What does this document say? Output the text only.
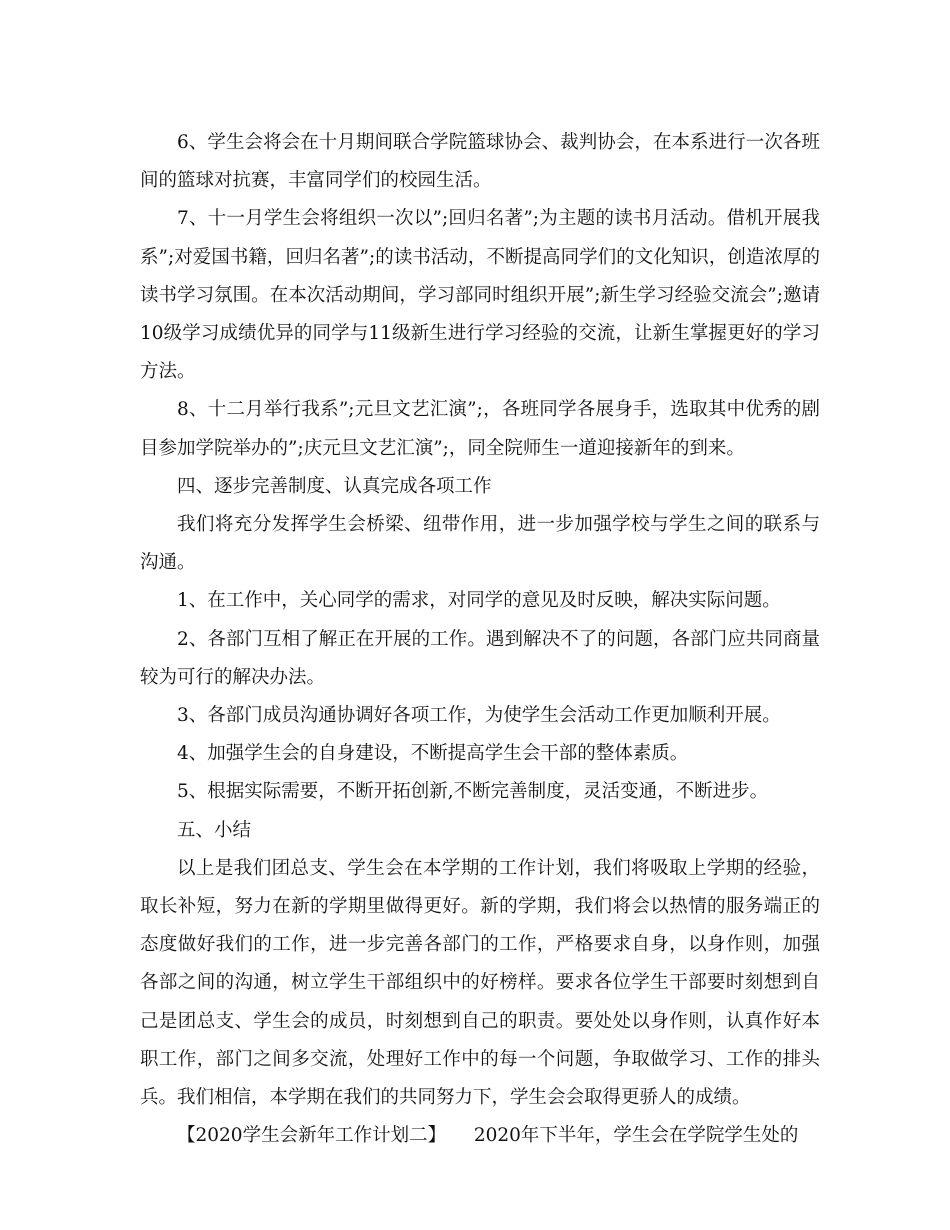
6、学生会将会在十月期间联合学院篮球协会、裁判协会，在本系进行一次各班间的篮球对抗赛，丰富同学们的校园生活。

7、十一月学生会将组织一次以”;回归名著”;为主题的读书月活动。借机开展我系”;对爱国书籍，回归名著”;的读书活动，不断提高同学们的文化知识，创造浓厚的读书学习氛围。在本次活动期间，学习部同时组织开展”;新生学习经验交流会”;邀请10级学习成绩优异的同学与11级新生进行学习经验的交流，让新生掌握更好的学习方法。

8、十二月举行我系”;元旦文艺汇演”;，各班同学各展身手，选取其中优秀的剧目参加学院举办的”;庆元旦文艺汇演”;，同全院师生一道迎接新年的到来。

四、逐步完善制度、认真完成各项工作

我们将充分发挥学生会桥梁、纽带作用，进一步加强学校与学生之间的联系与沟通。

1、在工作中，关心同学的需求，对同学的意见及时反映，解决实际问题。

2、各部门互相了解正在开展的工作。遇到解决不了的问题，各部门应共同商量较为可行的解决办法。

3、各部门成员沟通协调好各项工作，为使学生会活动工作更加顺利开展。

4、加强学生会的自身建设，不断提高学生会干部的整体素质。

5、根据实际需要，不断开拓创新,不断完善制度，灵活变通，不断进步。

五、小结

以上是我们团总支、学生会在本学期的工作计划，我们将吸取上学期的经验，取长补短，努力在新的学期里做得更好。新的学期，我们将会以热情的服务端正的态度做好我们的工作，进一步完善各部门的工作，严格要求自身，以身作则，加强各部之间的沟通，树立学生干部组织中的好榜样。要求各位学生干部要时刻想到自己是团总支、学生会的成员，时刻想到自己的职责。要处处以身作则，认真作好本职工作，部门之间多交流，处理好工作中的每一个问题，争取做学习、工作的排头兵。我们相信，本学期在我们的共同努力下，学生会会取得更骄人的成绩。

【2020学生会新年工作计划二】　　2020年下半年，学生会在学院学生处的
